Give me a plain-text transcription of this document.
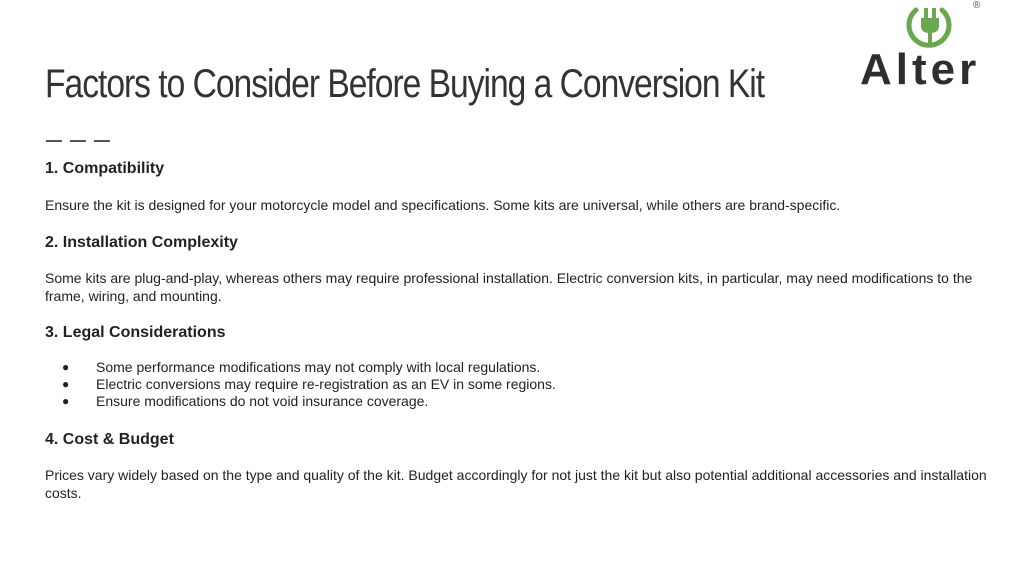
Factors to Consider Before Buying a Conversion Kit
®
Alter
1. Compatibility

Ensure the kit is designed for your motorcycle model and specifications. Some kits are universal, while others are brand-specific.

2. Installation Complexity

Some kits are plug-and-play, whereas others may require professional installation. Electric conversion kits, in particular, may need modifications to the frame, wiring, and mounting.

3. Legal Considerations
● Some performance modifications may not comply with local regulations.
● Electric conversions may require re-registration as an EV in some regions.
● Ensure modifications do not void insurance coverage.
4. Cost & Budget

Prices vary widely based on the type and quality of the kit. Budget accordingly for not just the kit but also potential additional accessories and installation costs.
